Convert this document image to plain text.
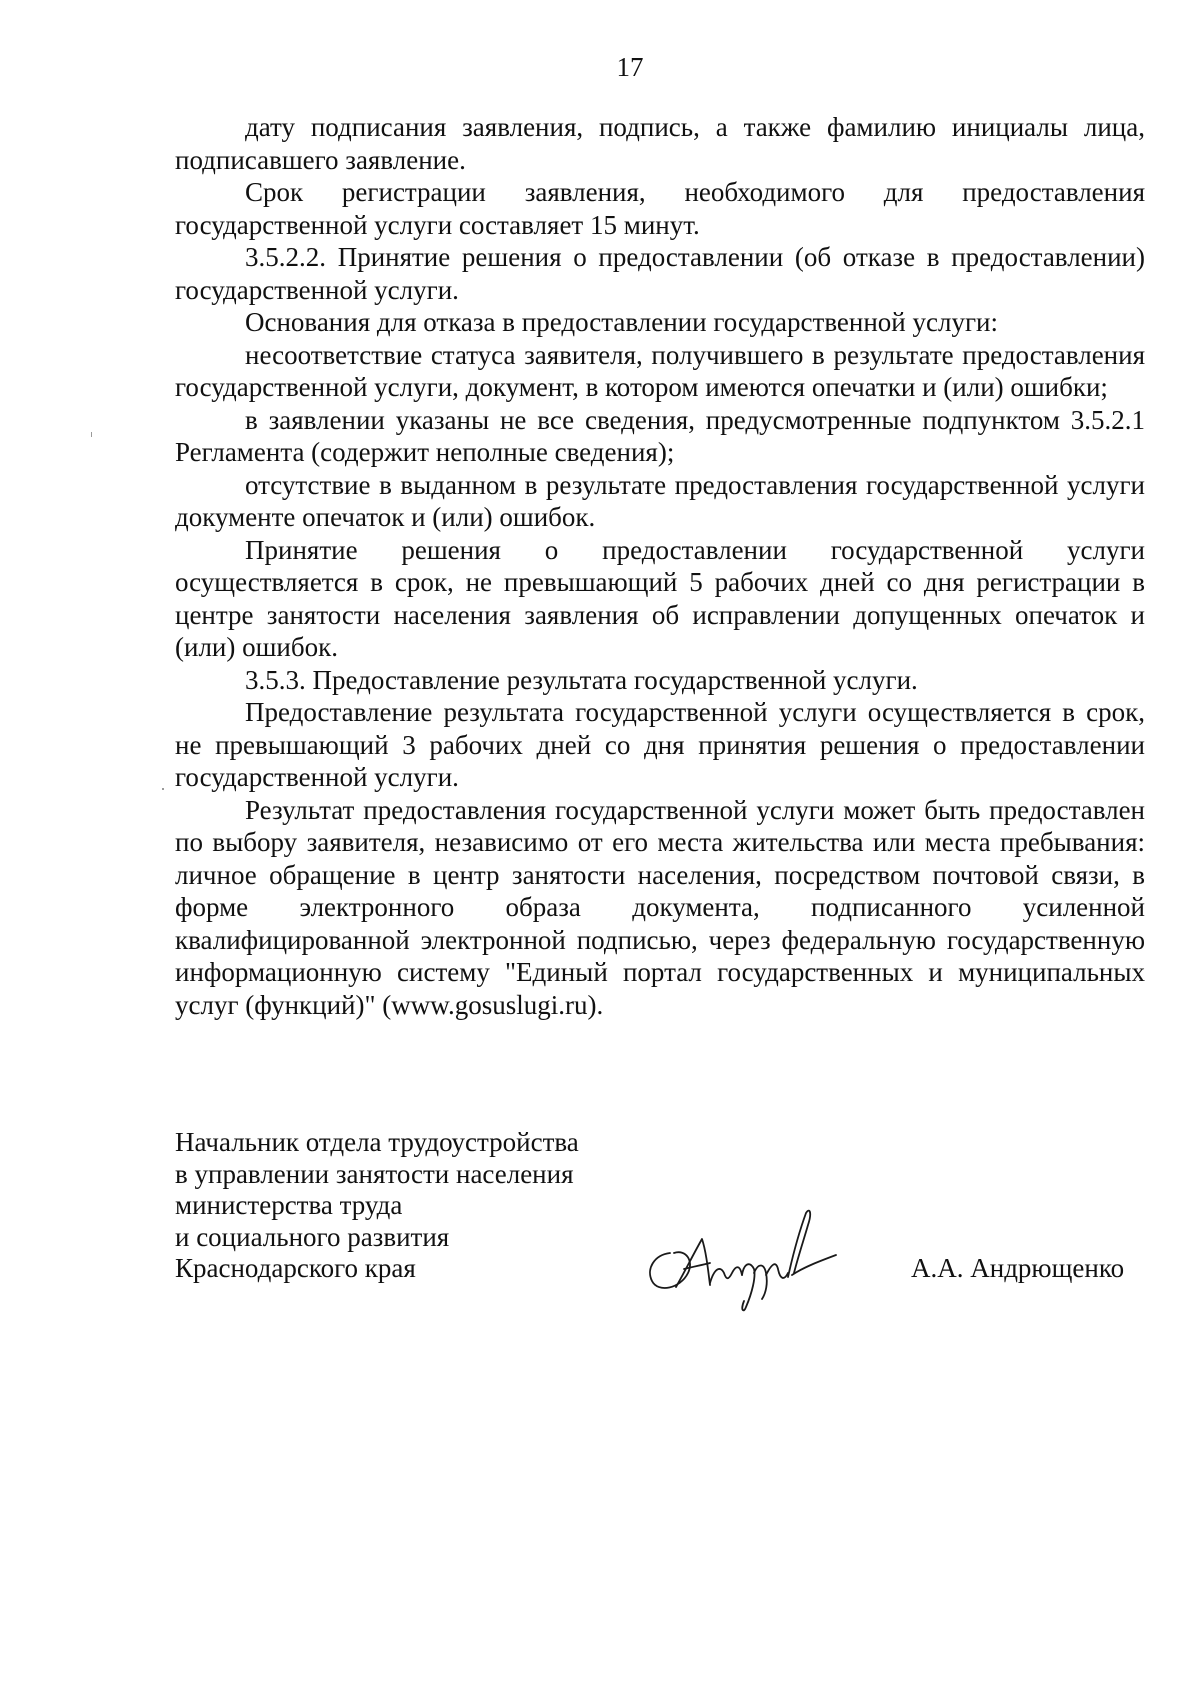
17

дату подписания заявления, подпись, а также фамилию инициалы лица, подписавшего заявление.

Срок регистрации заявления, необходимого для предоставления государственной услуги составляет 15 минут.

3.5.2.2. Принятие решения о предоставлении (об отказе в предоставлении) государственной услуги.

Основания для отказа в предоставлении государственной услуги:

несоответствие статуса заявителя, получившего в результате предоставления государственной услуги, документ, в котором имеются опечатки и (или) ошибки;

в заявлении указаны не все сведения, предусмотренные подпунктом 3.5.2.1 Регламента (содержит неполные сведения);

отсутствие в выданном в результате предоставления государственной услуги документе опечаток и (или) ошибок.

Принятие решения о предоставлении государственной услуги осуществляется в срок, не превышающий 5 рабочих дней со дня регистрации в центре занятости населения заявления об исправлении допущенных опечаток и (или) ошибок.

3.5.3. Предоставление результата государственной услуги.

Предоставление результата государственной услуги осуществляется в срок, не превышающий 3 рабочих дней со дня принятия решения о предоставлении государственной услуги.

Результат предоставления государственной услуги может быть предоставлен по выбору заявителя, независимо от его места жительства или места пребывания: личное обращение в центр занятости населения, посредством почтовой связи, в форме электронного образа документа, подписанного усиленной квалифицированной электронной подписью, через федеральную государственную информационную систему "Единый портал государственных и муниципальных услуг (функций)" (www.gosuslugi.ru).

Начальник отдела трудоустройства
в управлении занятости населения
министерства труда
и социального развития
Краснодарского края	А.А. Андрющенко
